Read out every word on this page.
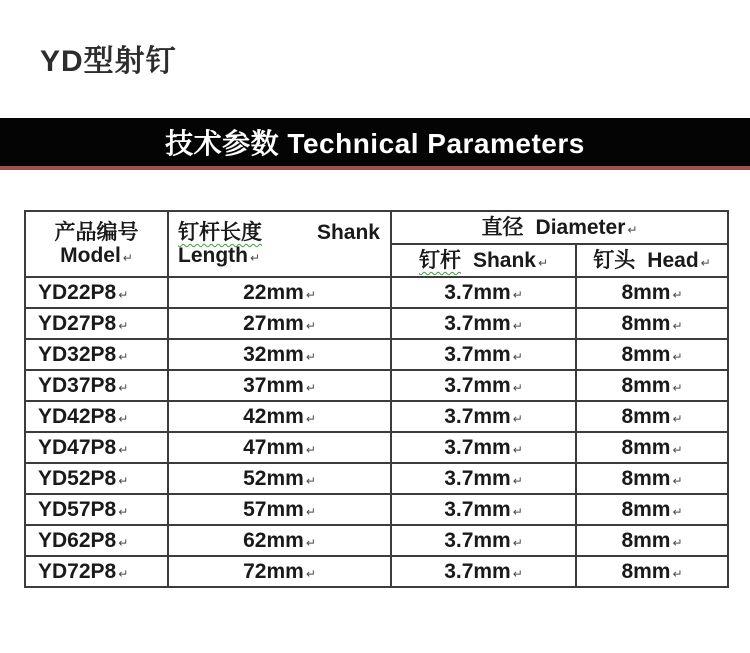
YD型射钉
技术参数 Technical Parameters
产品编号
Model ↵	钉杆长度 Shank
Length ↵	直径 Diameter ↵	
		钉杆 Shank ↵	钉头 Head ↵
YD22P8 ↵	22mm ↵	3.7mm ↵	8mm ↵
YD27P8 ↵	27mm ↵	3.7mm ↵	8mm ↵
YD32P8 ↵	32mm ↵	3.7mm ↵	8mm ↵
YD37P8 ↵	37mm ↵	3.7mm ↵	8mm ↵
YD42P8 ↵	42mm ↵	3.7mm ↵	8mm ↵
YD47P8 ↵	47mm ↵	3.7mm ↵	8mm ↵
YD52P8 ↵	52mm ↵	3.7mm ↵	8mm ↵
YD57P8 ↵	57mm ↵	3.7mm ↵	8mm ↵
YD62P8 ↵	62mm ↵	3.7mm ↵	8mm ↵
YD72P8 ↵	72mm ↵	3.7mm ↵	8mm ↵
